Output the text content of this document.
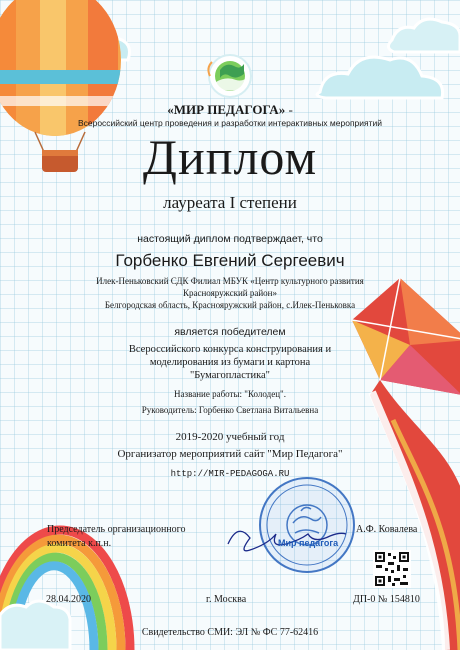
Мир педагога
«МИР ПЕДАГОГА» -
Всероссийский центр проведения и разработки интерактивных мероприятий
Диплом
лауреата I степени
настоящий диплом подтверждает, что
Горбенко Евгений Сергеевич
Илек-Пеньковский СДК Филиал МБУК «Центр культурного развития
Краснояружский район»
Белгородская область, Краснояружский район, с.Илек-Пеньковка
является победителем
Всероссийского конкурса конструирования и
моделирования из бумаги и картона
"Бумагопластика"
Название работы: "Колодец".
Руководитель: Горбенко Светлана Витальевна
2019-2020 учебный год
Организатор мероприятий сайт "Мир Педагога"
http://MIR-PEDAGOGA.RU
Председатель организационного
комитета к.п.н.
А.Ф. Ковалева
28.04.2020	г. Москва	ДП-0 № 154810
Свидетельство СМИ: ЭЛ № ФС 77-62416
